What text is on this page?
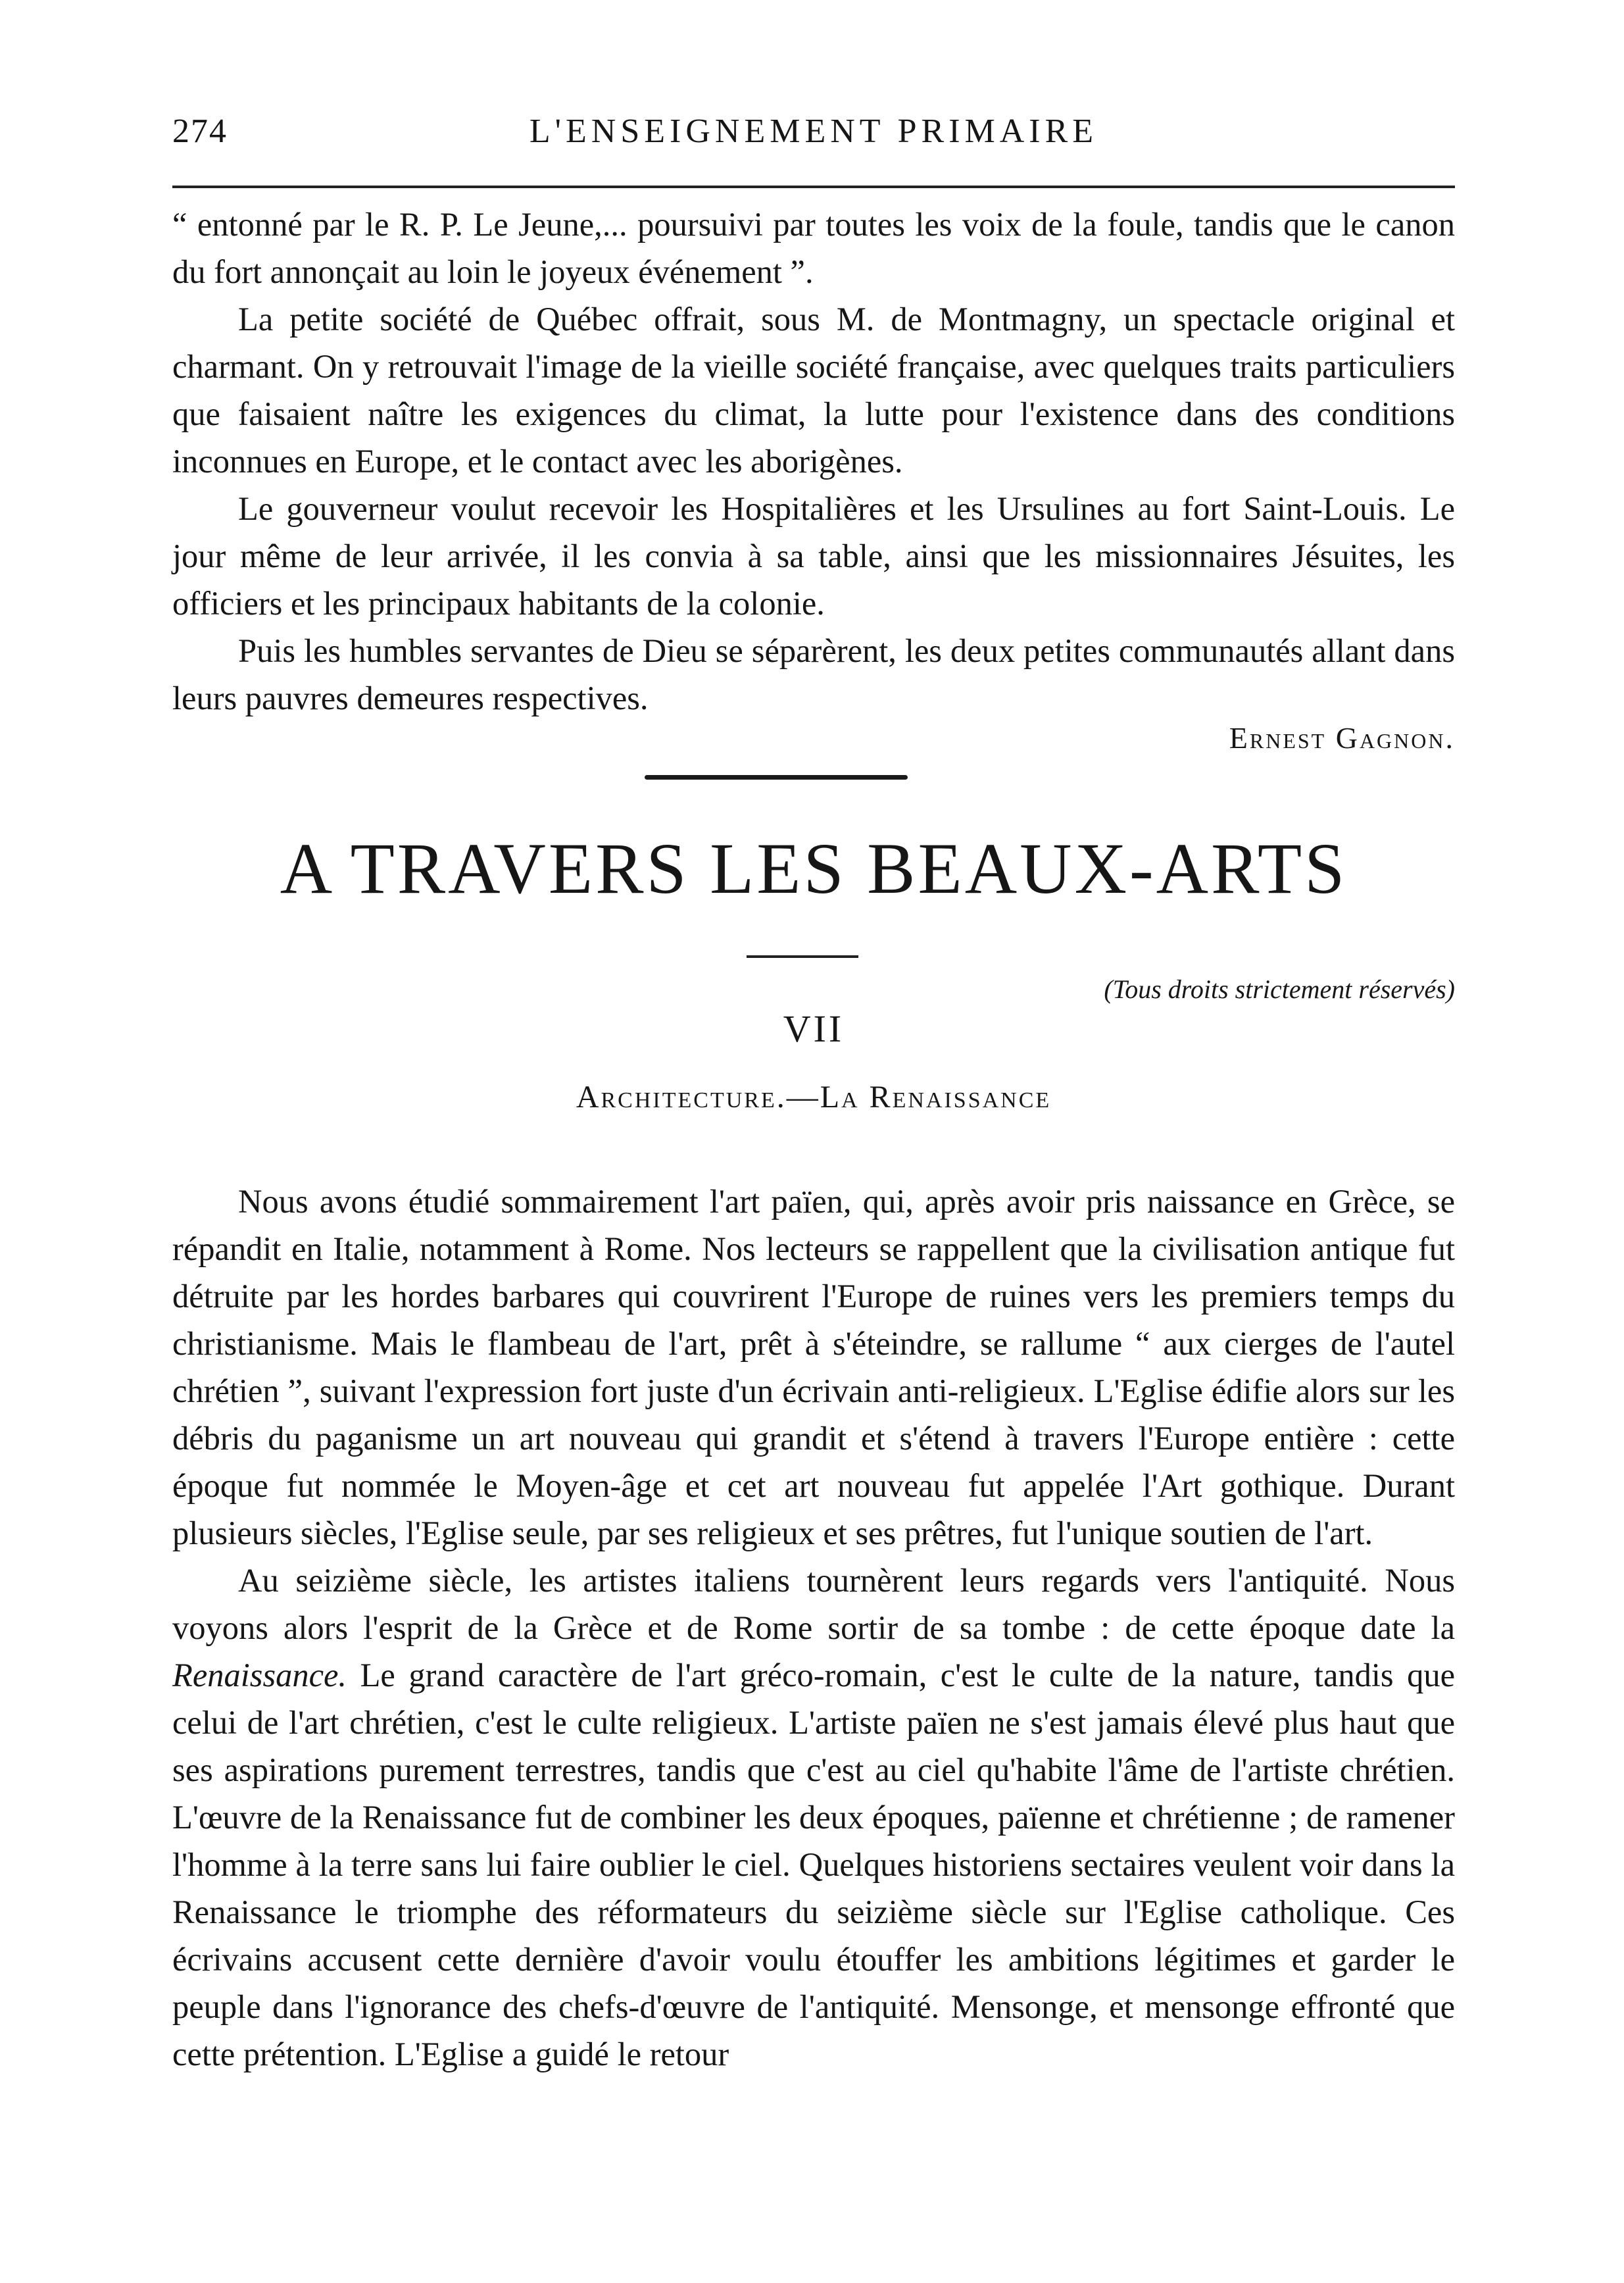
274	L'ENSEIGNEMENT PRIMAIRE

“ entonné par le R. P. Le Jeune,... poursuivi par toutes les voix de la foule, tandis que le canon du fort annonçait au loin le joyeux événement ”.

La petite société de Québec offrait, sous M. de Montmagny, un spectacle original et charmant. On y retrouvait l'image de la vieille société française, avec quelques traits particuliers que faisaient naître les exigences du climat, la lutte pour l'existence dans des conditions inconnues en Europe, et le contact avec les aborigènes.

Le gouverneur voulut recevoir les Hospitalières et les Ursulines au fort Saint-Louis. Le jour même de leur arrivée, il les convia à sa table, ainsi que les missionnaires Jésuites, les officiers et les principaux habitants de la colonie.

Puis les humbles servantes de Dieu se séparèrent, les deux petites communautés allant dans leurs pauvres demeures respectives.

Ernest Gagnon.
A TRAVERS LES BEAUX-ARTS
(Tous droits strictement réservés)
VII
Architecture.—La Renaissance

Nous avons étudié sommairement l'art païen, qui, après avoir pris naissance en Grèce, se répandit en Italie, notamment à Rome. Nos lecteurs se rappellent que la civilisation antique fut détruite par les hordes barbares qui couvrirent l'Europe de ruines vers les premiers temps du christianisme. Mais le flambeau de l'art, prêt à s'éteindre, se rallume “ aux cierges de l'autel chrétien ”, suivant l'expression fort juste d'un écrivain anti-religieux. L'Eglise édifie alors sur les débris du paganisme un art nouveau qui grandit et s'étend à travers l'Europe entière : cette époque fut nommée le Moyen-âge et cet art nouveau fut appelée l'Art gothique. Durant plusieurs siècles, l'Eglise seule, par ses religieux et ses prêtres, fut l'unique soutien de l'art.

Au seizième siècle, les artistes italiens tournèrent leurs regards vers l'antiquité. Nous voyons alors l'esprit de la Grèce et de Rome sortir de sa tombe : de cette époque date la Renaissance. Le grand caractère de l'art gréco-romain, c'est le culte de la nature, tandis que celui de l'art chrétien, c'est le culte religieux. L'artiste païen ne s'est jamais élevé plus haut que ses aspirations purement terrestres, tandis que c'est au ciel qu'habite l'âme de l'artiste chrétien. L'œuvre de la Renaissance fut de combiner les deux époques, païenne et chrétienne ; de ramener l'homme à la terre sans lui faire oublier le ciel. Quelques historiens sectaires veulent voir dans la Renaissance le triomphe des réformateurs du seizième siècle sur l'Eglise catholique. Ces écrivains accusent cette dernière d'avoir voulu étouffer les ambitions légitimes et garder le peuple dans l'ignorance des chefs-d'œuvre de l'antiquité. Mensonge, et mensonge effronté que cette prétention. L'Eglise a guidé le retour
